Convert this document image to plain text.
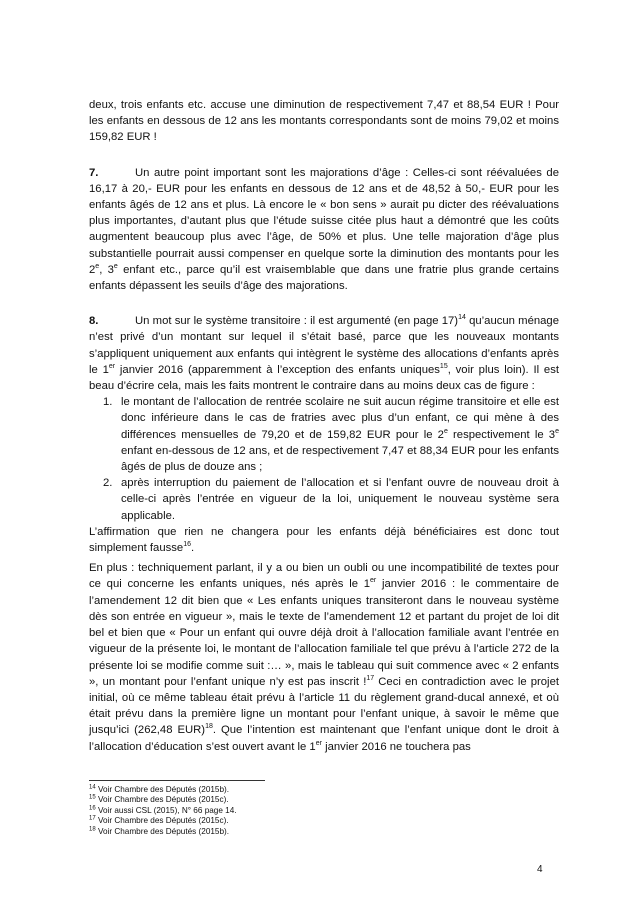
deux, trois enfants etc. accuse une diminution de respectivement 7,47 et 88,54 EUR ! Pour les enfants en dessous de 12 ans les montants correspondants sont de moins 79,02 et moins 159,82 EUR !

7.	Un autre point important sont les majorations d’âge : Celles-ci sont réévaluées de 16,17 à 20,- EUR pour les enfants en dessous de 12 ans et de 48,52 à 50,- EUR pour les enfants âgés de 12 ans et plus. Là encore le « bon sens » aurait pu dicter des réévaluations plus importantes, d’autant plus que l’étude suisse citée plus haut a démontré que les coûts augmentent beaucoup plus avec l’âge, de 50% et plus. Une telle majoration d’âge plus substantielle pourrait aussi compenser en quelque sorte la diminution des montants pour les 2e, 3e enfant etc., parce qu’il est vraisemblable que dans une fratrie plus grande certains enfants dépassent les seuils d’âge des majorations.

8.	Un mot sur le système transitoire : il est argumenté (en page 17)$^{14}$ qu’aucun ménage n’est privé d’un montant sur lequel il s’était basé, parce que les nouveaux montants s’appliquent uniquement aux enfants qui intègrent le système des allocations d’enfants après le 1er janvier 2016 (apparemment à l’exception des enfants uniques$^{15}$, voir plus loin). Il est beau d’écrire cela, mais les faits montrent le contraire dans au moins deux cas de figure :

1. le montant de l’allocation de rentrée scolaire ne suit aucun régime transitoire et elle est donc inférieure dans le cas de fratries avec plus d’un enfant, ce qui mène à des différences mensuelles de 79,20 et de 159,82 EUR pour le 2e respectivement le 3e enfant en-dessous de 12 ans, et de respectivement 7,47 et 88,34 EUR pour les enfants âgés de plus de douze ans ;
2. après interruption du paiement de l’allocation et si l’enfant ouvre de nouveau droit à celle-ci après l’entrée en vigueur de la loi, uniquement le nouveau système sera applicable.

L’affirmation que rien ne changera pour les enfants déjà bénéficiaires est donc tout simplement fausse$^{16}$.

En plus : techniquement parlant, il y a ou bien un oubli ou une incompatibilité de textes pour ce qui concerne les enfants uniques, nés après le 1er janvier 2016 : le commentaire de l’amendement 12 dit bien que « Les enfants uniques transiteront dans le nouveau système dès son entrée en vigueur », mais le texte de l’amendement 12 et partant du projet de loi dit bel et bien que « Pour un enfant qui ouvre déjà droit à l’allocation familiale avant l’entrée en vigueur de la présente loi, le montant de l’allocation familiale tel que prévu à l’article 272 de la présente loi se modifie comme suit :… », mais le tableau qui suit commence avec « 2 enfants », un montant pour l’enfant unique n’y est pas inscrit !$^{17}$ Ceci en contradiction avec le projet initial, où ce même tableau était prévu à l’article 11 du règlement grand-ducal annexé, et où était prévu dans la première ligne un montant pour l’enfant unique, à savoir le même que jusqu’ici (262,48 EUR)$^{18}$. Que l’intention est maintenant que l’enfant unique dont le droit à l’allocation d’éducation s’est ouvert avant le 1er janvier 2016 ne touchera pas

$^{14}$ Voir Chambre des Députés (2015b).

$^{15}$ Voir Chambre des Députés (2015c).

$^{16}$ Voir aussi CSL (2015), N° 66 page 14.

$^{17}$ Voir Chambre des Députés (2015c).

$^{18}$ Voir Chambre des Députés (2015b).

4
